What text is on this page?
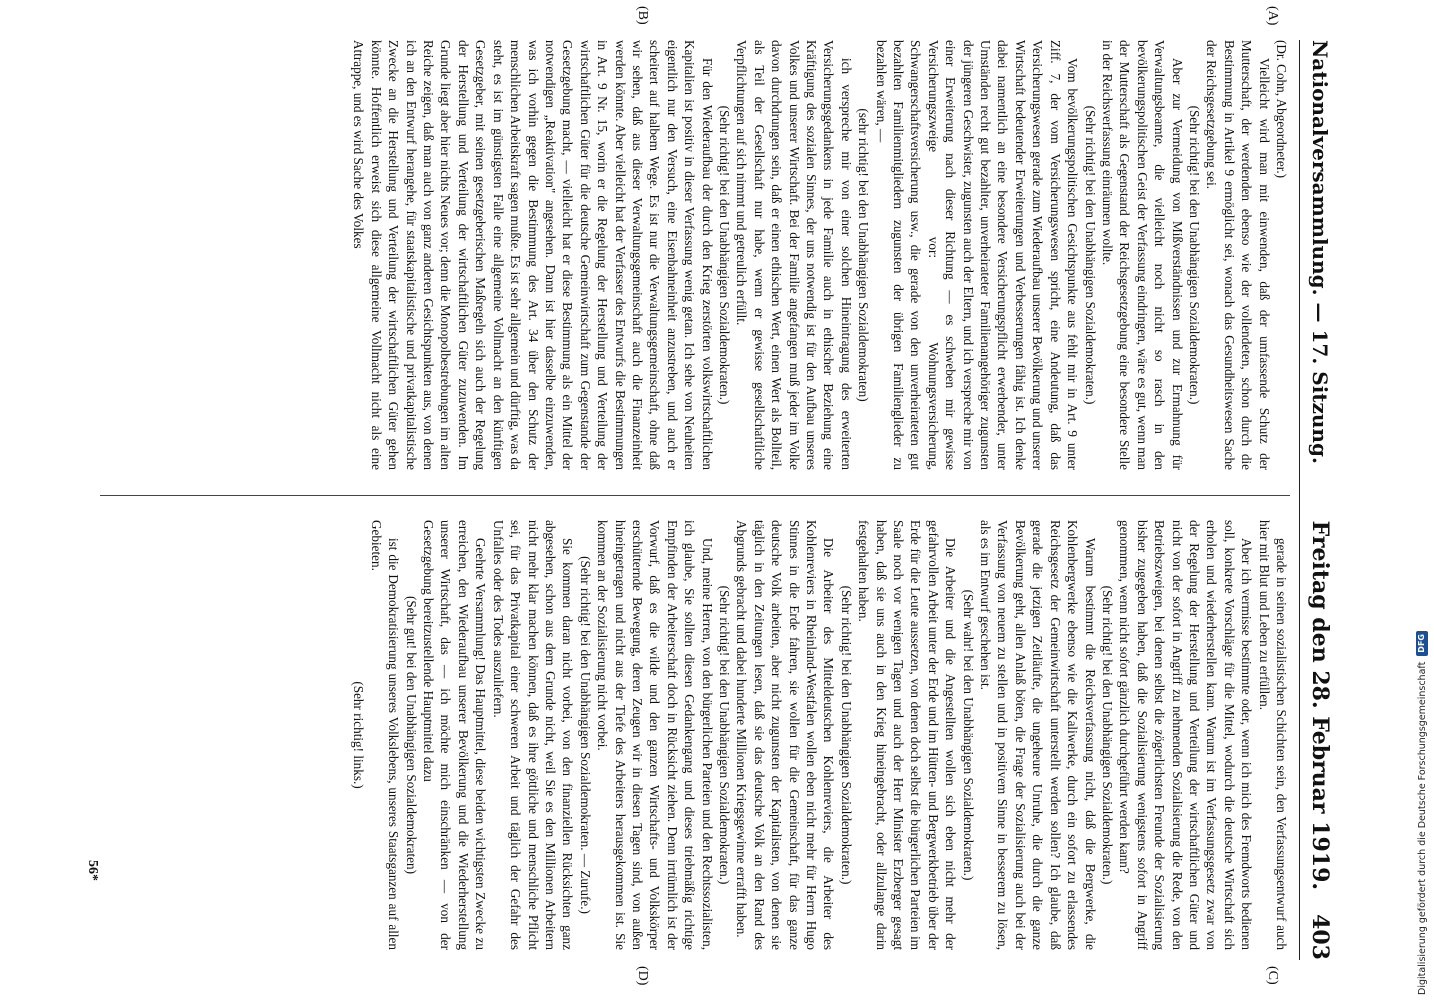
Nationalversammlung. — 17. Sitzung.
Freitag den 28. Februar 1919.
403
(A)
(B)
(C)
(D)

(Dr. Cohn, Abgeordneter.)

Vielleicht wird man mit einwenden, daß der umfassende Schutz der Mutterschaft, der werdenden ebenso wie der vollendeten, schon durch die Bestimmung in Artikel 9 ermöglicht sei, wonach das Gesundheitswesen Sache der Reichsgesetzgebung sei.

(Sehr richtig! bei den Unabhängigen Sozialdemokraten.)

Aber zur Vermeidung von Mißverständnissen und zur Ermahnung für Verwaltungsbeamte, die vielleicht noch nicht so rasch in den bevölkerungspolitischen Geist der Verfassung eindringen, wäre es gut, wenn man der Mutterschaft als Gegenstand der Reichsgesetzgebung eine besondere Stelle in der Reichsverfassung einräumen wollte.

(Sehr richtig! bei den Unabhängigen Sozialdemokraten.)

Vom bevölkerungspolitischen Gesichtspunkte aus fehlt mir in Art. 9 unter Ziff. 7, der vom Versicherungswesen spricht, eine Andeutung, daß das Versicherungswesen gerade zum Wiederaufbau unserer Bevölkerung und unserer Wirtschaft bedeutender Erweiterungen und Verbesserungen fähig ist. Ich denke dabei namentlich an eine besondere Versicherungspflicht erwerbender, unter Umständen recht gut bezahlter, unverheirateter Familienangehöriger zugunsten der jüngeren Geschwister, zugunsten auch der Eltern, und ich verspreche mir von einer Erweiterung nach dieser Richtung — es schweben mir gewisse Versicherungszweige vor: Wohnungsversicherung, Schwangerschaftsversicherung usw., die gerade von den unverheirateten gut bezahlten Familienmitgliedern zugunsten der übrigen Familienglieder zu bezahlen wären, —

(sehr richtig! bei den Unabhängigen Sozialdemokraten)

ich verspreche mir von einer solchen Hineintragung des erweiterten Versicherungsgedankens in jede Familie auch in ethischer Beziehung eine Kräftigung des sozialen Sinnes, der uns notwendig ist für den Aufbau unseres Volkes und unserer Wirtschaft. Bei der Familie angefangen muß jeder im Volke davon durchdrungen sein, daß er einen ethischen Wert, einen Wert als Bollteil, als Teil der Gesellschaft nur habe, wenn er gewisse gesellschaftliche Verpflichtungen auf sich nimmt und getreulich erfüllt.

(Sehr richtig! bei den Unabhängigen Sozialdemokraten.)

Für den Wiederaufbau der durch den Krieg zerstörten volkswirtschaftlichen Kapitalien ist positiv in dieser Verfassung wenig getan. Ich sehe von Neuheiten eigentlich nur den Versuch, eine Eisenbahneinheit anzustreben, und auch er scheitert auf halbem Wege. Es ist nur die Verwaltungsgemeinschaft, ohne daß wir sehen, daß aus dieser Verwaltungsgemeinschaft auch die Finanzeinheit werden könnte. Aber vielleicht hat der Verfasser des Entwurfs die Bestimmungen in Art. 9 Nr. 15, worin er die Regelung der Herstellung und Verteilung der wirtschaftlichen Güter für die deutsche Gemeinwirtschaft zum Gegenstande der Gesetzgebung macht, — vielleicht hat er diese Bestimmung als ein Mittel der notwendigen „Reaktivation" angesehen. Dann ist hier dasselbe einzuwenden, was ich vorhin gegen die Bestimmung des Art. 34 über den Schutz der menschlichen Arbeitskraft sagen mußte. Es ist sehr allgemein und dürftig, was da steht, es ist im günstigsten Falle eine allgemeine Vollmacht an den künftigen Gesetzgeber, mit seinen gesetzgeberischen Maßregeln sich auch der Regelung der Herstellung und Verteilung der wirtschaftlichen Güter zuzuwenden. Im Grunde liegt aber hier nichts Neues vor; denn die Monopolbestrebungen im alten Reiche zeigen, daß man auch von ganz anderen Gesichtspunkten aus, von denen ich an den Entwurf herangehe, für staatskapitalistische und privatkapitalistische Zwecke an die Herstellung und Verteilung der wirtschaftlichen Güter gehen könnte. Hoffentlich erweist sich diese allgemeine Vollmacht nicht als eine Attrappe, und es wird Sache des Volkes

gerade in seinen sozialistischen Schichten sein, den Verfassungsentwurf auch hier mit Blut und Leben zu erfüllen.

Aber ich vermisse bestimmte oder, wenn ich mich des Fremdworts bedienen soll, konkrete Vorschläge für die Mittel, wodurch die deutsche Wirtschaft sich erholen und wiederherstellen kann. Warum ist im Verfassungsgesetz zwar von der Regelung der Herstellung und Verteilung der wirtschaftlichen Güter und nicht von der sofort in Angriff zu nehmenden Sozialisierung die Rede, von den Betriebszweigen, bei denen selbst die zögerlichsten Freunde der Sozialisierung bisher zugegeben haben, daß die Sozialisierung wenigstens sofort in Angriff genommen, wenn nicht sofort gänzlich durchgeführt werden kann?

(Sehr richtig! bei den Unabhängigen Sozialdemokraten.)

Warum bestimmt die Reichsverfassung nicht, daß die Bergwerke, die Kohlenbergwerke ebenso wie die Kaliwerke, durch ein sofort zu erlassendes Reichsgesetz der Gemeinwirtschaft unterstellt werden sollen? Ich glaube, daß gerade die jetzigen Zeitläufte, die ungeheure Unruhe, die durch die ganze Bevölkerung geht, allen Anlaß böten, die Frage der Sozialisierung auch bei der Verfassung von neuem zu stellen und in positivem Sinne in besserem zu lösen, als es im Entwurf geschehen ist.

(Sehr wahr! bei den Unabhängigen Sozialdemokraten.)

Die Arbeiter und die Angestellten wollen sich eben nicht mehr der gefahrvollen Arbeit unter der Erde und im Hütten- und Bergwerkbetrieb über der Erde für die Leute aussetzen, von denen doch selbst die bürgerlichen Parteien im Saale noch vor wenigen Tagen und auch der Herr Minister Erzberger gesagt haben, daß sie uns auch in den Krieg hineingebracht, oder allzulange darin festgehalten haben.

(Sehr richtig! bei den Unabhängigen Sozialdemokraten.)

Die Arbeiter des Mitteldeutschen Kohlenreviers, die Arbeiter des Kohlenreviers in Rheinland-Westfalen wollen eben nicht mehr für Herrn Hugo Stinnes in die Erde fahren, sie wollen für die Gemeinschaft, für das ganze deutsche Volk arbeiten, aber nicht zugunsten der Kapitalisten, von denen sie täglich in den Zeitungen lesen, daß sie das deutsche Volk an den Rand des Abgrunds gebracht und dabei hunderte Millionen Kriegsgewinne errafft haben.

(Sehr richtig! bei den Unabhängigen Sozialdemokraten.)

Und, meine Herren, von den bürgerlichen Parteien und den Rechtssozialisten, ich glaube, Sie sollten diesen Gedankengang und dieses triebmäßig richtige Empfinden der Arbeiterschaft doch in Rücksicht ziehen. Denn irrtümlich ist der Vorwurf, daß es die wilde und den ganzen Wirtschafts- und Volkskörper erschütternde Bewegung, deren Zeugen wir in diesen Tagen sind, von außen hineingetragen und nicht aus der Tiefe des Arbeiters herausgekommen ist. Sie kommen an der Sozialisierung nicht vorbei.

(Sehr richtig! bei den Unabhängigen Sozialdemokraten. — Zurufe.)

Sie kommen daran nicht vorbei, von den finanziellen Rücksichten ganz abgesehen, schon aus dem Grunde nicht, weil Sie es den Millionen Arbeitern nicht mehr klar machen können, daß es ihre göttliche und menschliche Pflicht sei, für das Privatkapital einer schweren Arbeit und täglich der Gefahr des Unfalles oder des Todes auszuliefern.

Geehrte Versammlung! Das Hauptmittel, diese beiden wichtigsten Zwecke zu erreichen, den Wiederaufbau unserer Bevölkerung und die Wiederherstellung unserer Wirtschaft, das — ich möchte mich einschränken — von der Gesetzgebung bereitzustellende Hauptmittel dazu

(Sehr gut! bei den Unabhängigen Sozialdemokraten)

ist die Demokratisierung unseres Volkslebens, unseres Staatsganzen auf allen Gebieten.

(Sehr richtig! links.)

56*	Digitalisierung gefördert durch die Deutsche Forschungsgemeinschaft
DFG
